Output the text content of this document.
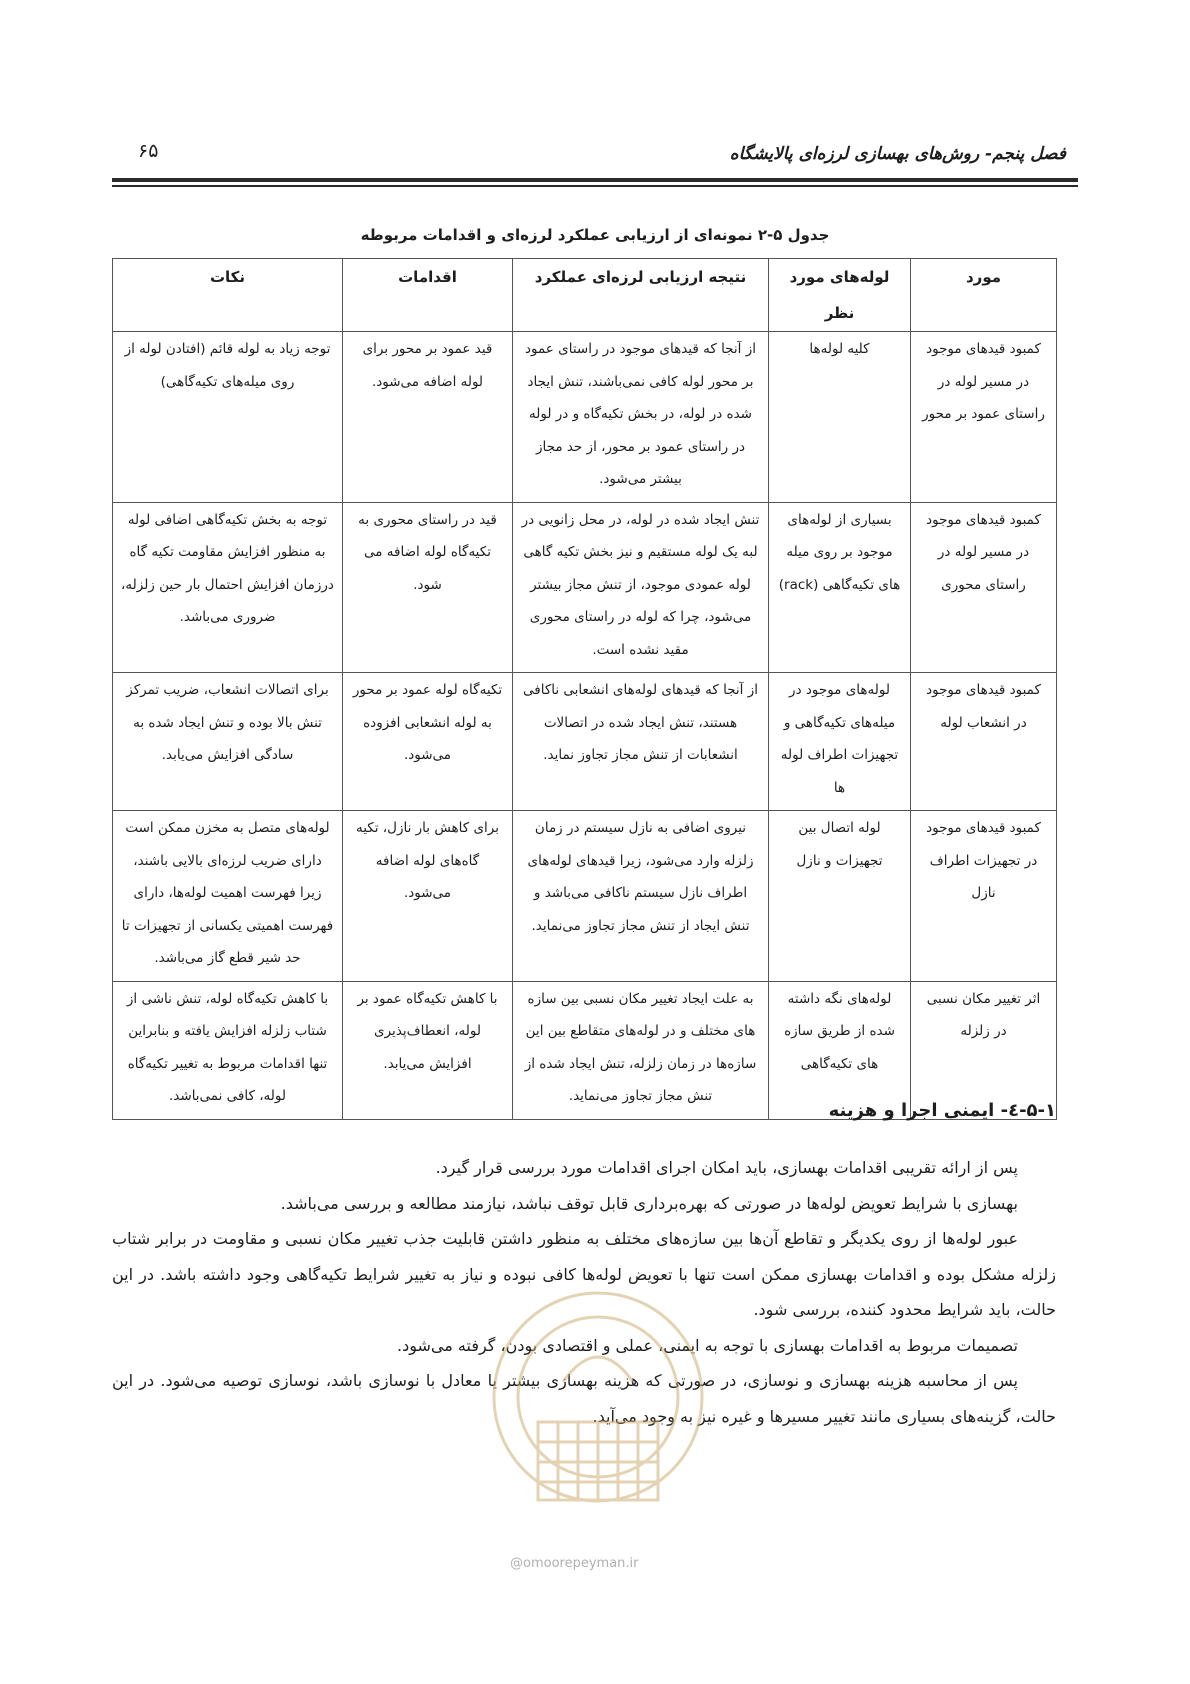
فصل پنجم- روش‌های بهسازی لرزه‌ای پالایشگاه
۶۵
جدول ۵-۲ نمونه‌ای از ارزیابی عملکرد لرزه‌ای و اقدامات مربوطه
مورد	لوله‌های مورد نظر	نتیجه ارزیابی لرزه‌ای عملکرد	اقدامات	نکات
کمبود قیدهای موجود در مسیر لوله در راستای عمود بر محور	کلیه لوله‌ها	از آنجا که قیدهای موجود در راستای عمود بر محور لوله کافی نمی‌باشند، تنش ایجاد شده در لوله، در بخش تکیه‌گاه و در لوله در راستای عمود بر محور، از حد مجاز بیشتر می‌شود.	قید عمود بر محور برای لوله اضافه می‌شود.	توجه زیاد به لوله قائم (افتادن لوله از روی میله‌های تکیه‌گاهی)
کمبود قیدهای موجود در مسیر لوله در راستای محوری	بسیاری از لوله‌های موجود بر روی میله های تکیه‌گاهی (rack)	تنش ایجاد شده در لوله، در محل زانویی در لبه یک لوله مستقیم و نیز بخش تکیه گاهی لوله عمودی موجود، از تنش مجاز بیشتر می‌شود، چرا که لوله در راستای محوری مقید نشده است.	قید در راستای محوری به تکیه‌گاه لوله اضافه می شود.	توجه به بخش تکیه‌گاهی اضافی لوله به منظور افزایش مقاومت تکیه گاه درزمان افزایش احتمال بار حین زلزله، ضروری می‌باشد.
کمبود قیدهای موجود در انشعاب لوله	لوله‌های موجود در میله‌های تکیه‌گاهی و تجهیزات اطراف لوله ها	از آنجا که قیدهای لوله‌های انشعابی ناکافی هستند، تنش ایجاد شده در اتصالات انشعابات از تنش مجاز تجاوز نماید.	تکیه‌گاه لوله عمود بر محور به لوله انشعابی افزوده می‌شود.	برای اتصالات انشعاب، ضریب تمرکز تنش بالا بوده و تنش ایجاد شده به سادگی افزایش می‌یابد.
کمبود قیدهای موجود در تجهیزات اطراف نازل	لوله اتصال بین تجهیزات و نازل	نیروی اضافی به نازل سیستم در زمان زلزله وارد می‌شود، زیرا قیدهای لوله‌های اطراف نازل سیستم ناکافی می‌باشد و تنش ایجاد از تنش مجاز تجاوز می‌نماید.	برای کاهش بار نازل، تکیه گاه‌های لوله اضافه می‌شود.	لوله‌های متصل به مخزن ممکن است دارای ضریب لرزه‌ای بالایی باشند، زیرا فهرست اهمیت لوله‌ها، دارای فهرست اهمیتی یکسانی از تجهیزات تا حد شیر قطع گاز می‌باشد.
اثر تغییر مکان نسبی در زلزله	لوله‌های نگه داشته شده از طریق سازه های تکیه‌گاهی	به علت ایجاد تغییر مکان نسبی بین سازه های مختلف و در لوله‌های متقاطع بین این سازه‌ها در زمان زلزله، تنش ایجاد شده از تنش مجاز تجاوز می‌نماید.	با کاهش تکیه‌گاه عمود بر لوله، انعطاف‌پذیری افزایش می‌یابد.	با کاهش تکیه‌گاه لوله، تنش ناشی از شتاب زلزله افزایش یافته و بنابراین تنها اقدامات مربوط به تغییر تکیه‌گاه لوله، کافی نمی‌باشد.
۵-۱-٤- ایمنی اجرا و هزینه

پس از ارائه تقریبی اقدامات بهسازی، باید امکان اجرای اقدامات مورد بررسی قرار گیرد.

بهسازی با شرایط تعویض لوله‌ها در صورتی که بهره‌برداری قابل توقف نباشد، نیازمند مطالعه و بررسی می‌باشد.

عبور لوله‌ها از روی یکدیگر و تقاطع آن‌ها بین سازه‌های مختلف به منظور داشتن قابلیت جذب تغییر مکان نسبی و مقاومت در برابر شتاب زلزله مشکل بوده و اقدامات بهسازی ممکن است تنها با تعویض لوله‌ها کافی نبوده و نیاز به تغییر شرایط تکیه‌گاهی وجود داشته باشد. در این حالت، باید شرایط محدود کننده، بررسی شود.

تصمیمات مربوط به اقدامات بهسازی با توجه به ایمنی، عملی و اقتصادی بودن، گرفته می‌شود.

پس از محاسبه هزینه بهسازی و نوسازی، در صورتی که هزینه بهسازی بیشتر یا معادل با نوسازی باشد، نوسازی توصیه می‌شود. در این حالت، گزینه‌های بسیاری مانند تغییر مسیرها و غیره نیز به وجود می‌آید.

@omoorepeyman.ir
